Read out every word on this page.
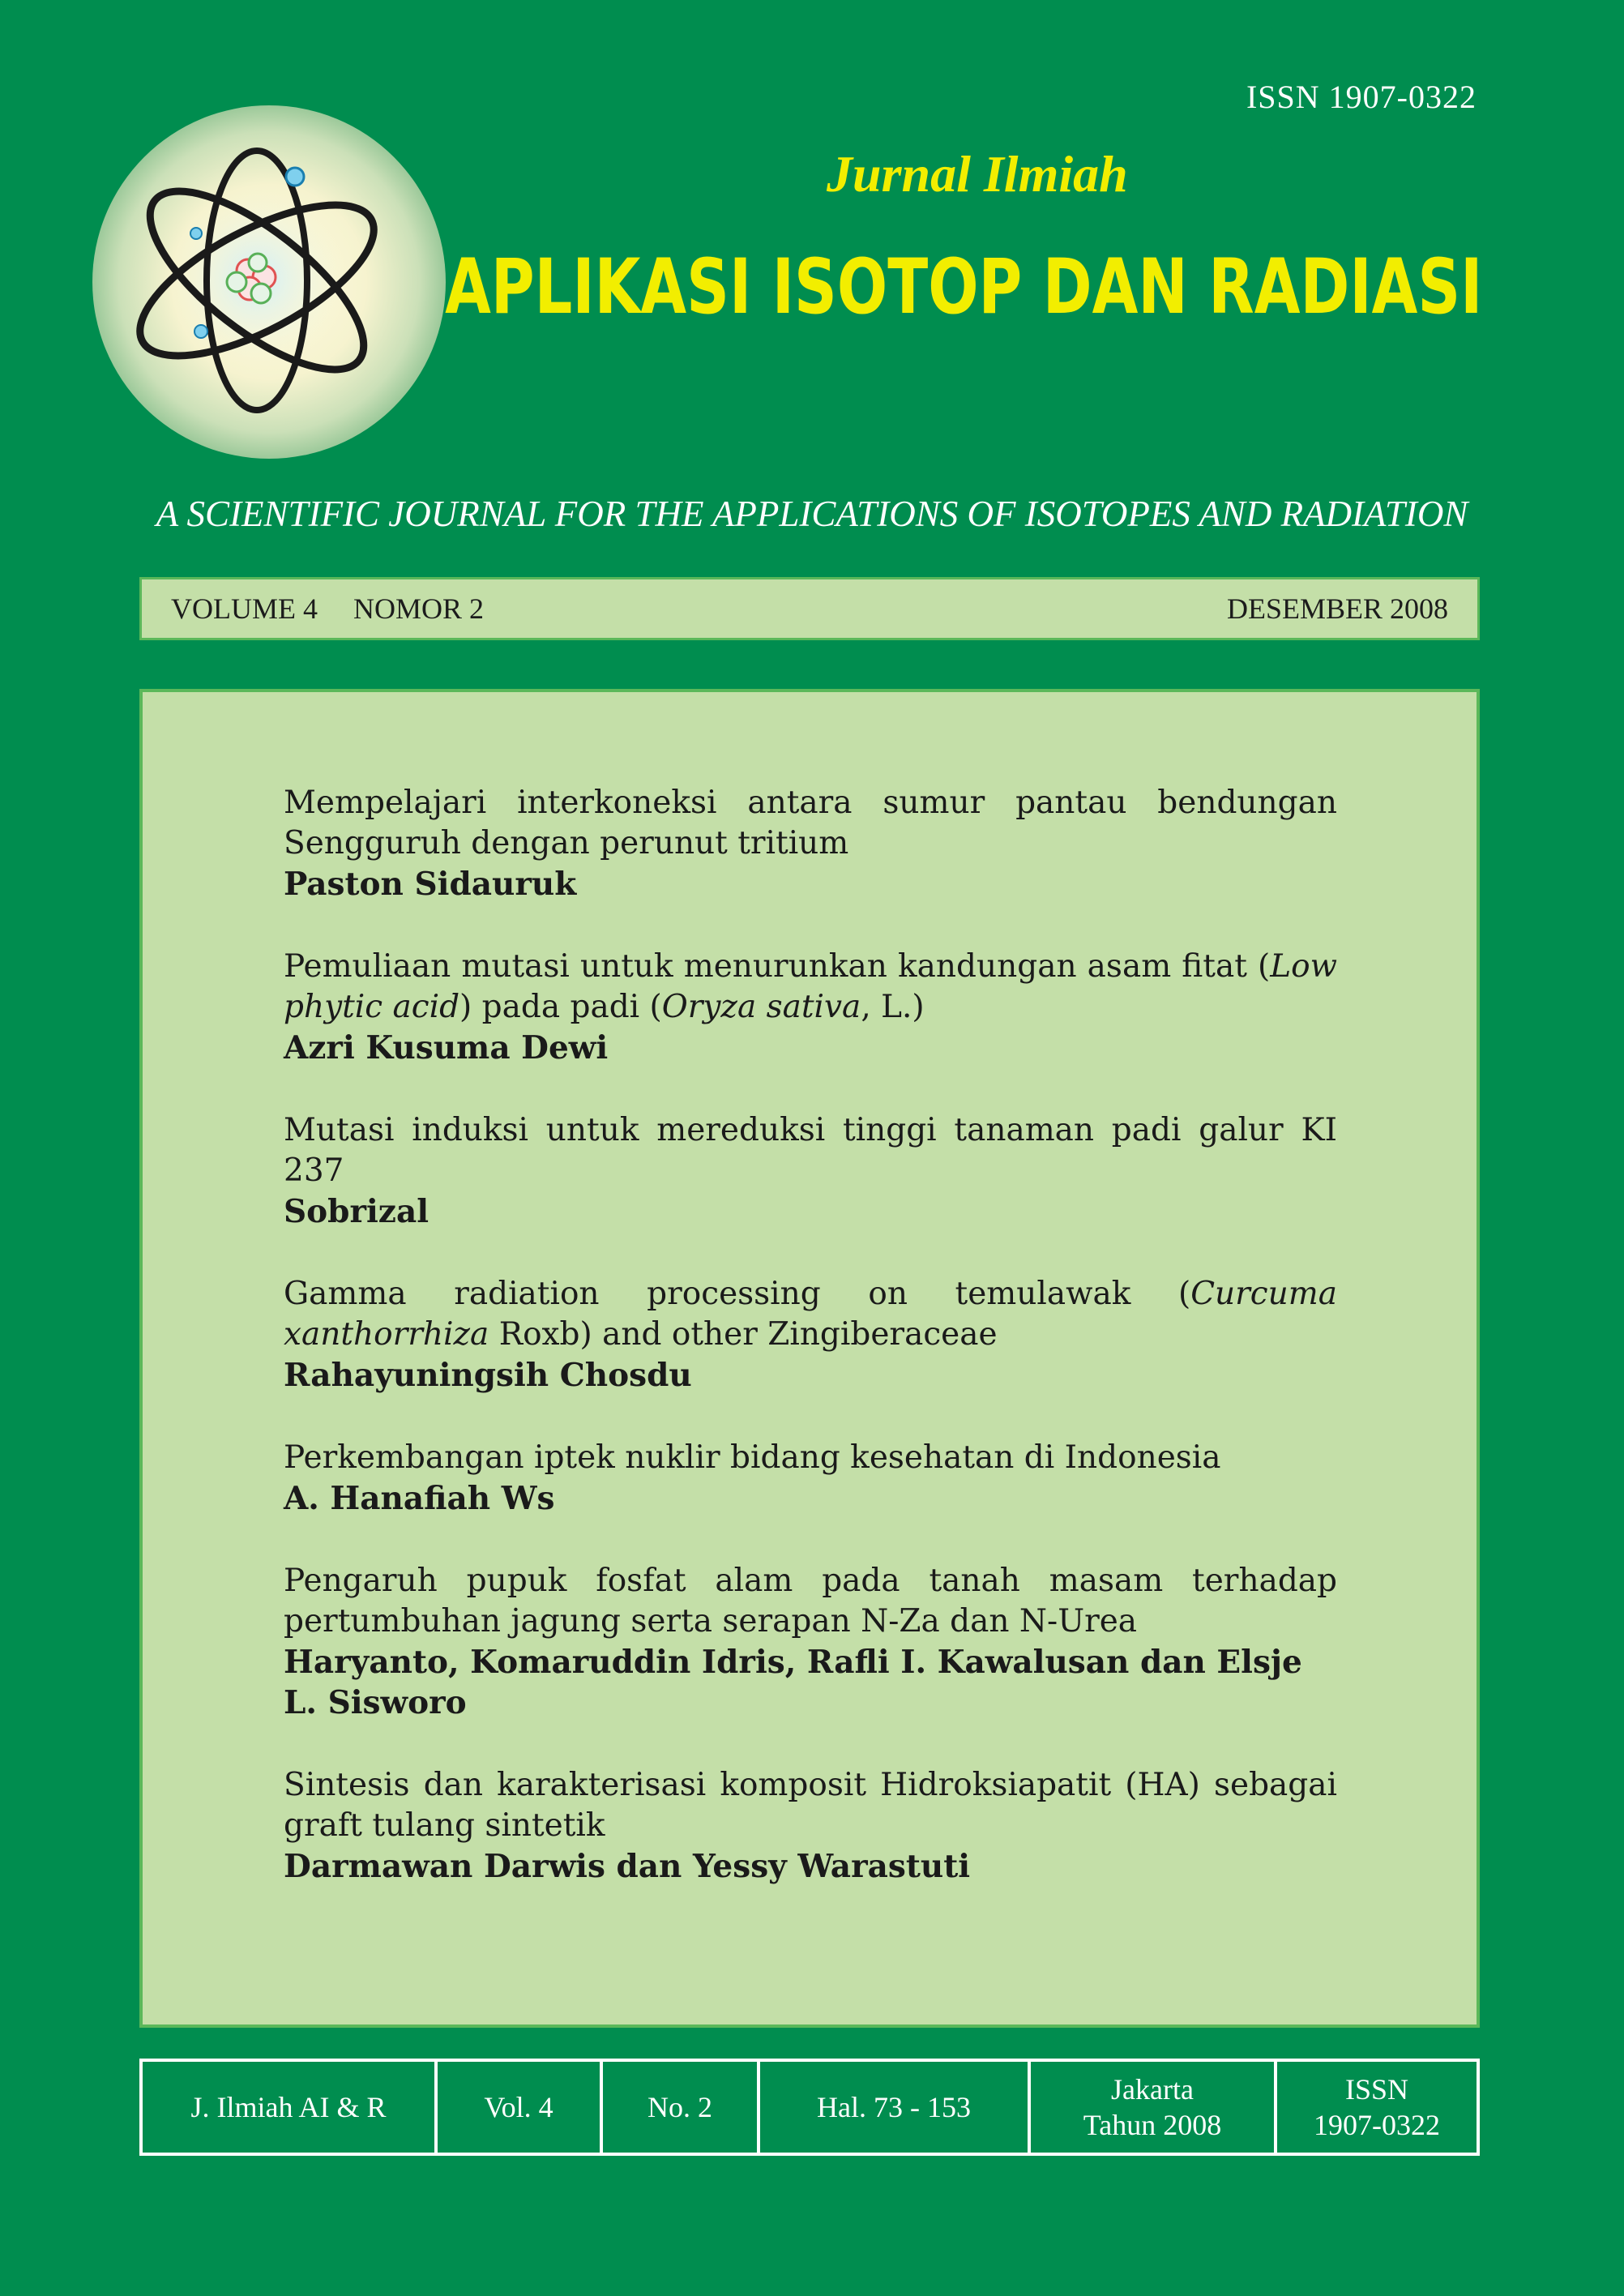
ISSN 1907-0322
Jurnal Ilmiah
APLIKASI ISOTOP DAN RADIASI
A SCIENTIFIC JOURNAL FOR THE APPLICATIONS OF ISOTOPES AND RADIATION
VOLUME 4 NOMOR 2	DESEMBER 2008
Mempelajari interkoneksi antara sumur pantau bendungan Sengguruh dengan perunut tritium
Paston Sidauruk
Pemuliaan mutasi untuk menurunkan kandungan asam fitat (Low phytic acid) pada padi (Oryza sativa, L.)
Azri Kusuma Dewi
Mutasi induksi untuk mereduksi tinggi tanaman padi galur KI 237
Sobrizal
Gamma radiation processing on temulawak (Curcuma xanthorrhiza Roxb) and other Zingiberaceae
Rahayuningsih Chosdu
Perkembangan iptek nuklir bidang kesehatan di Indonesia
A. Hanafiah Ws
Pengaruh pupuk fosfat alam pada tanah masam terhadap pertumbuhan jagung serta serapan N-Za dan N-Urea
Haryanto, Komaruddin Idris, Rafli I. Kawalusan dan Elsje L. Sisworo
Sintesis dan karakterisasi komposit Hidroksiapatit (HA) sebagai graft tulang sintetik
Darmawan Darwis dan Yessy Warastuti
J. Ilmiah AI & R	Vol. 4	No. 2	Hal. 73 - 153	
Jakarta
Tahun 2008

ISSN
1907-0322
